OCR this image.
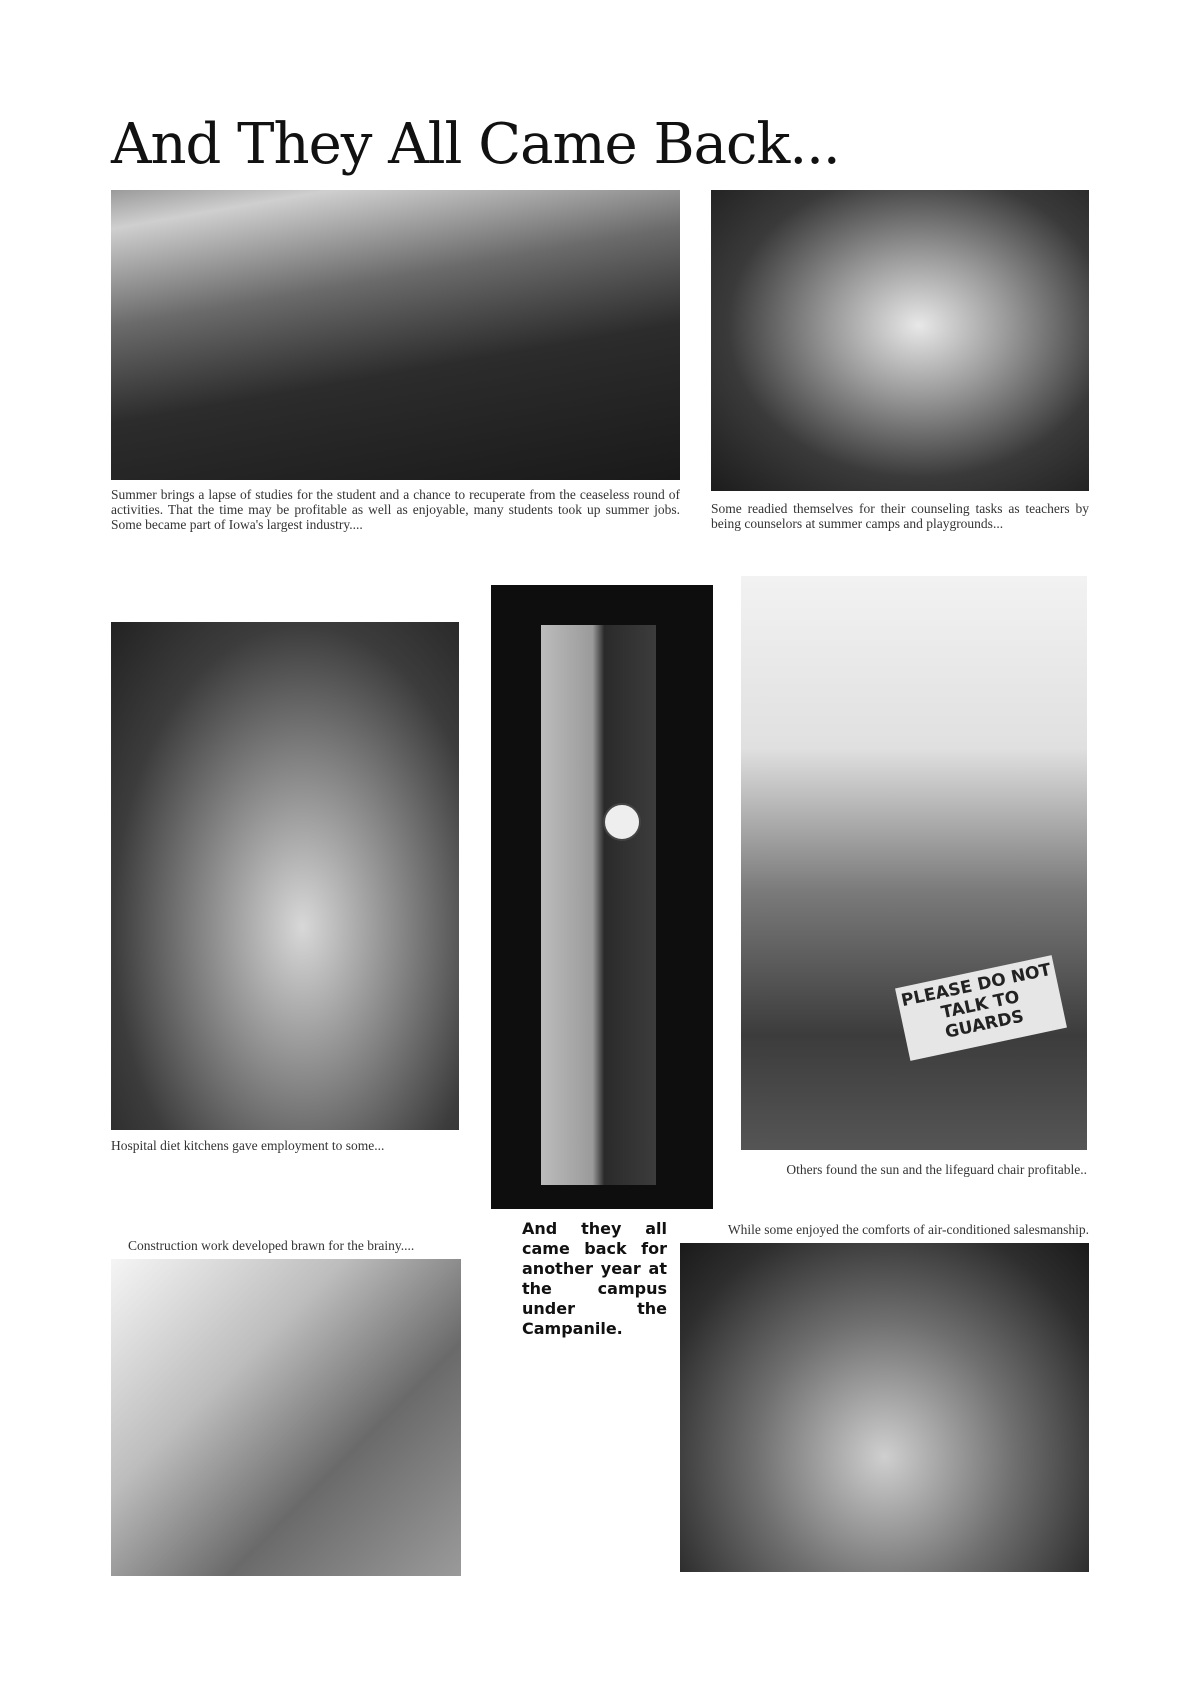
And They All Came Back...
Summer brings a lapse of studies for the student and a chance to recuperate from the ceaseless round of activities. That the time may be profitable as well as enjoyable, many students took up summer jobs. Some became part of Iowa's largest industry....
Some readied themselves for their counseling tasks as teachers by being counselors at summer camps and playgrounds...
Hospital diet kitchens gave employment to some...
PLEASE DO NOT TALK TO GUARDS
Others found the sun and the lifeguard chair profitable..
And they all came back for another year at the campus under the Campanile.
Construction work developed brawn for the brainy....
While some enjoyed the comforts of air-conditioned salesmanship.
